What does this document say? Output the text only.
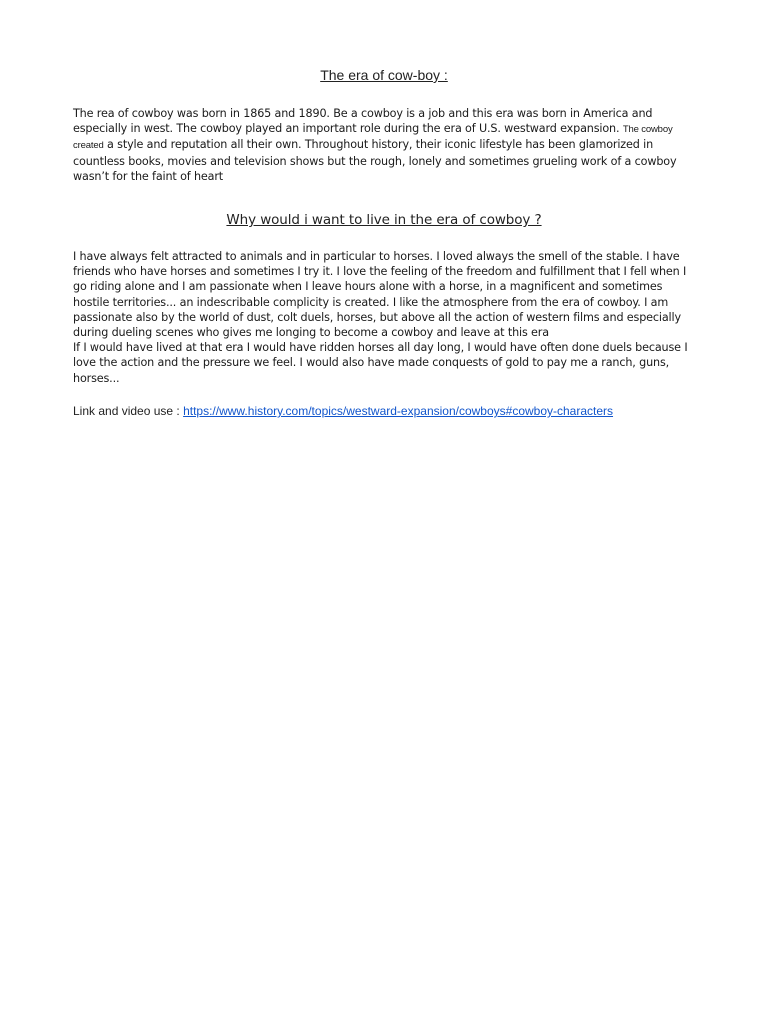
The era of cow-boy :

The rea of cowboy was born in 1865 and 1890. Be a cowboy is a job and this era was born in America and especially in west. The cowboy played an important role during the era of U.S. westward expansion. The cowboy created a style and reputation all their own. Throughout history, their iconic lifestyle has been glamorized in countless books, movies and television shows but the rough, lonely and sometimes grueling work of a cowboy wasn’t for the faint of heart

Why would i want to live in the era of cowboy ?

I have always felt attracted to animals and in particular to horses. I loved always the smell of the stable. I have friends who have horses and sometimes I try it. I love the feeling of the freedom and fulfillment that I fell when I go riding alone and I am passionate when I leave hours alone with a horse, in a magnificent and sometimes hostile territories... an indescribable complicity is created. I like the atmosphere from the era of cowboy. I am passionate also by the world of dust, colt duels, horses, but above all the action of western films and especially during dueling scenes who gives me longing to become a cowboy and leave at this era
If I would have lived at that era I would have ridden horses all day long, I would have often done duels because I love the action and the pressure we feel. I would also have made conquests of gold to pay me a ranch, guns, horses...

Link and video use : https://www.history.com/topics/westward-expansion/cowboys#cowboy-characters
